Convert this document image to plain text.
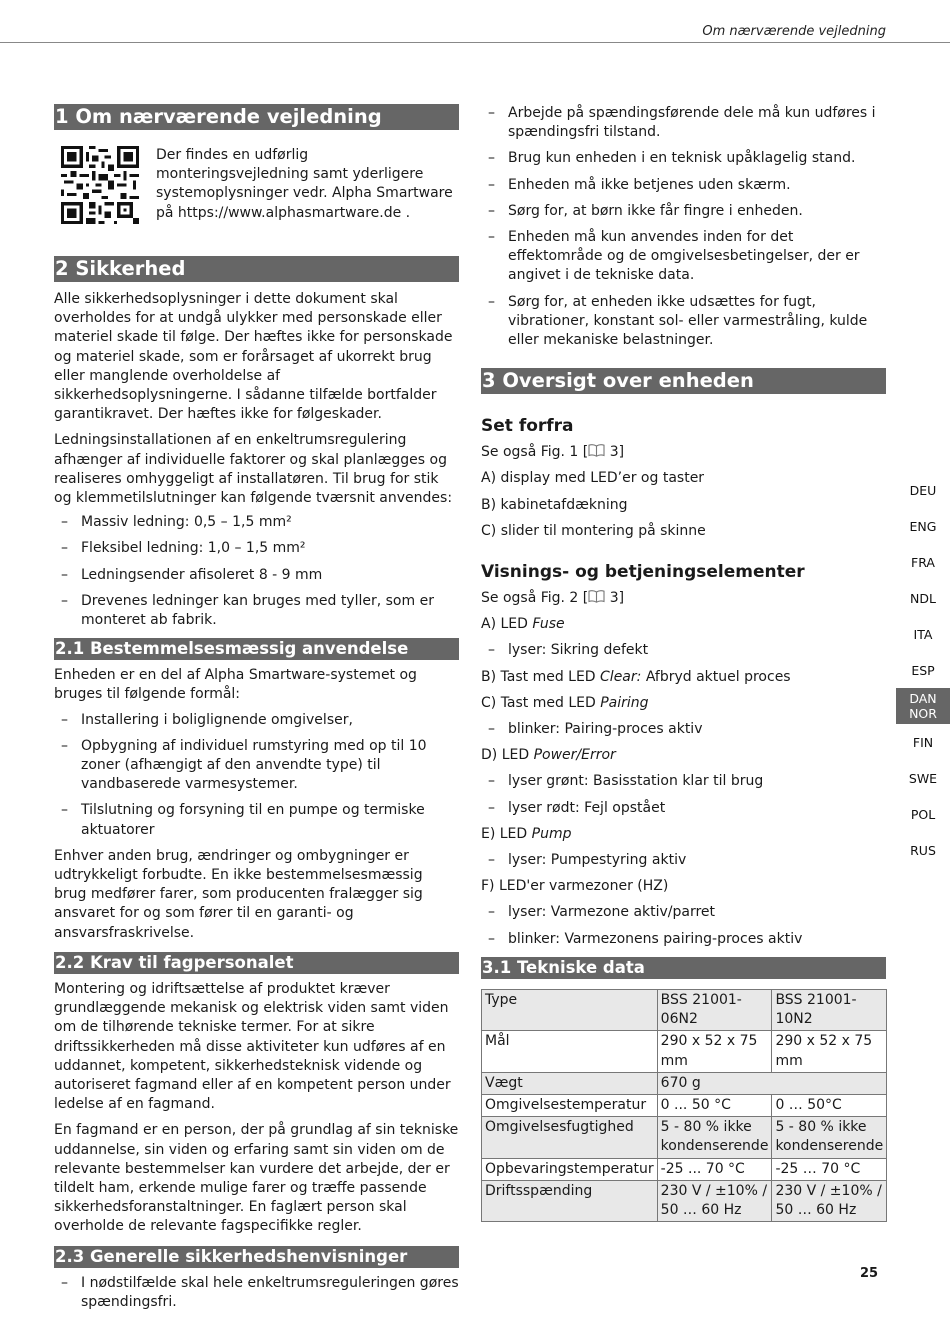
Om nærværende vejledning
1 Om nærværende vejledning

Der findes en udførlig monteringsvejledning samt yderligere systemoplysninger vedr. Alpha Smartware på https://www.alphasmartware.de .

2 Sikkerhed

Alle sikkerhedsoplysninger i dette dokument skal overholdes for at undgå ulykker med personskade eller materiel skade til følge. Der hæftes ikke for personskade og materiel skade, som er forårsaget af ukorrekt brug eller manglende overholdelse af sikkerhedsoplysningerne. I sådanne tilfælde bortfalder garantikravet. Der hæftes ikke for følgeskader.

Ledningsinstallationen af en enkeltrumsregulering afhænger af individuelle faktorer og skal planlægges og realiseres omhyggeligt af installatøren. Til brug for stik og klemmetilslutninger kan følgende tværsnit anvendes:

– Massiv ledning: 0,5 – 1,5 mm²
– Fleksibel ledning: 1,0 – 1,5 mm²
– Ledningsender afisoleret 8 - 9 mm
– Drevenes ledninger kan bruges med tyller, som er monteret ab fabrik.
2.1 Bestemmelsesmæssig anvendelse

Enheden er en del af Alpha Smartware-systemet og bruges til følgende formål:

– Installering i boliglignende omgivelser,
– Opbygning af individuel rumstyring med op til 10 zoner (afhængigt af den anvendte type) til vandbaserede varmesystemer.
– Tilslutning og forsyning til en pumpe og termiske aktuatorer

Enhver anden brug, ændringer og ombygninger er udtrykkeligt forbudte. En ikke bestemmelsesmæssig brug medfører farer, som producenten fralægger sig ansvaret for og som fører til en garanti- og ansvarsfraskrivelse.

2.2 Krav til fagpersonalet

Montering og idriftsættelse af produktet kræver grundlæggende mekanisk og elektrisk viden samt viden om de tilhørende tekniske termer. For at sikre driftssikkerheden må disse aktiviteter kun udføres af en uddannet, kompetent, sikkerhedsteknisk vidende og autoriseret fagmand eller af en kompetent person under ledelse af en fagmand.

En fagmand er en person, der på grundlag af sin tekniske uddannelse, sin viden og erfaring samt sin viden om de relevante bestemmelser kan vurdere det arbejde, der er tildelt ham, erkende mulige farer og træffe passende sikkerhedsforanstaltninger. En faglært person skal overholde de relevante fagspecifikke regler.

2.3 Generelle sikkerhedshenvisninger
– I nødstilfælde skal hele enkeltrumsreguleringen gøres spændingsfri.
– Arbejde på spændingsførende dele må kun udføres i spændingsfri tilstand.
– Brug kun enheden i en teknisk upåklagelig stand.
– Enheden må ikke betjenes uden skærm.
– Sørg for, at børn ikke får fingre i enheden.
– Enheden må kun anvendes inden for det effektområde og de omgivelsesbetingelser, der er angivet i de tekniske data.
– Sørg for, at enheden ikke udsættes for fugt, vibrationer, konstant sol- eller varmestråling, kulde eller mekaniske belastninger.
3 Oversigt over enheden
Set forfra

Se også Fig. 1 [ 3]

A) display med LED’er og taster

B) kabinetafdækning

C) slider til montering på skinne

Visnings- og betjeningselementer

Se også Fig. 2 [ 3]

A) LED Fuse

– lyser: Sikring defekt

B) Tast med LED Clear: Afbryd aktuel proces

C) Tast med LED Pairing

– blinker: Pairing-proces aktiv

D) LED Power/Error

– lyser grønt: Basisstation klar til brug
– lyser rødt: Fejl opstået

E) LED Pump

– lyser: Pumpestyring aktiv

F) LED'er varmezoner (HZ)

– lyser: Varmezone aktiv/parret
– blinker: Varmezonens pairing-proces aktiv
3.1 Tekniske data
Type	BSS 21001-06N2	BSS 21001-10N2
Mål	290 x 52 x 75 mm	290 x 52 x 75 mm
Vægt	670 g	
Omgivelsestemperatur	0 ... 50 °C	0 … 50°C
Omgivelsesfugtighed	5 - 80 % ikke kondenserende	5 - 80 % ikke kondenserende
Opbevaringstemperatur	-25 ... 70 °C	-25 … 70 °C
Driftsspænding	230 V / ±10% / 50 … 60 Hz	230 V / ±10% / 50 … 60 Hz
DEU
ENG
FRA
NDL
ITA
ESP
DAN
NOR
FIN
SWE
POL
RUS
25
